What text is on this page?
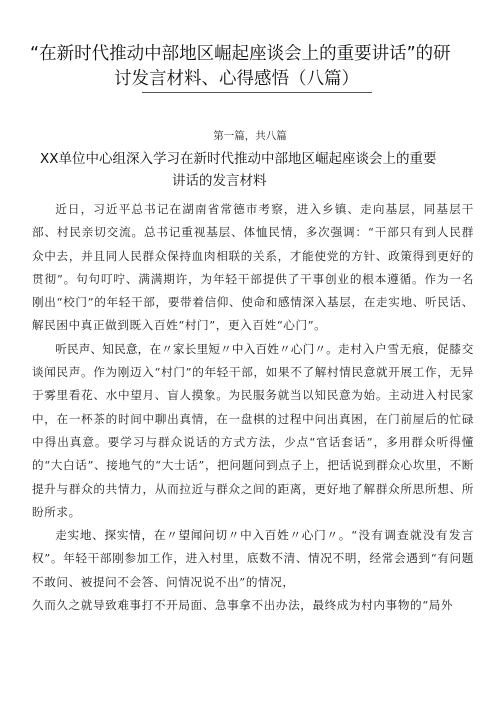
“在新时代推动中部地区崛起座谈会上的重要讲话”的研
讨发言材料、心得感悟（八篇）
第一篇，共八篇
XX单位中心组深入学习在新时代推动中部地区崛起座谈会上的重要
讲话的发言材料

近日，习近平总书记在湖南省常德市考察，进入乡镇、走向基层，同基层干部、村民亲切交流。总书记重视基层、体恤民情，多次强调：“干部只有到人民群众中去，并且同人民群众保持血肉相联的关系，才能使党的方针、政策得到更好的贯彻”。句句叮咛、满满期许，为年轻干部提供了干事创业的根本遵循。作为一名刚出“校门”的年轻干部，要带着信仰、使命和感情深入基层，在走实地、听民话、解民困中真正做到既入百姓“村门”，更入百姓“心门”。

听民声、知民意，在〃家长里短〃中入百姓〃心门〃。走村入户雪无痕，促膝交谈闻民声。作为刚迈入“村门”的年轻干部，如果不了解村情民意就开展工作，无异于雾里看花、水中望月、盲人摸象。为民服务就当以知民意为始。主动进入村民家中，在一杯茶的时间中聊出真情，在一盘棋的过程中问出真困，在门前屋后的忙碌中得出真意。要学习与群众说话的方式方法，少点“官话套话”，多用群众听得懂的“大白话”、接地气的“大士话”，把问题问到点子上，把话说到群众心坎里，不断提升与群众的共情力，从而拉近与群众之间的距离，更好地了解群众所思所想、所盼所求。

走实地、探实情，在〃望闻问切〃中入百姓〃心门〃。“没有调查就没有发言权”。年轻干部刚参加工作，进入村里，底数不清、情况不明，经常会遇到“有问题不敢问、被提问不会答、问情况说不出”的情况，

久而久之就导致难事打不开局面、急事拿不出办法，最终成为村内事物的“局外
